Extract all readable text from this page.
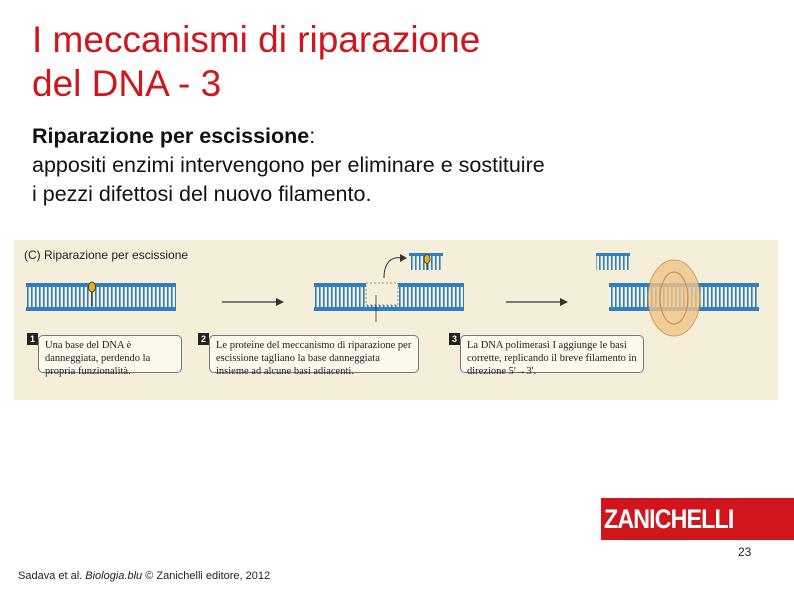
I meccanismi di riparazione
del DNA - 3
Riparazione per escissione:
appositi enzimi intervengono per eliminare e sostituire
i pezzi difettosi del nuovo filamento.
(C) Riparazione per escissione
1
Una base del DNA è danneggiata, perdendo la propria funzionalità.
2
Le proteine del meccanismo di riparazione per escissione tagliano la base danneggiata insieme ad alcune basi adiacenti.
3
La DNA polimerasi I aggiunge le basi corrette, replicando il breve filamento in direzione 5'→3'.
ZANICHELLI
23
Sadava et al. Biologia.blu © Zanichelli editore, 2012
